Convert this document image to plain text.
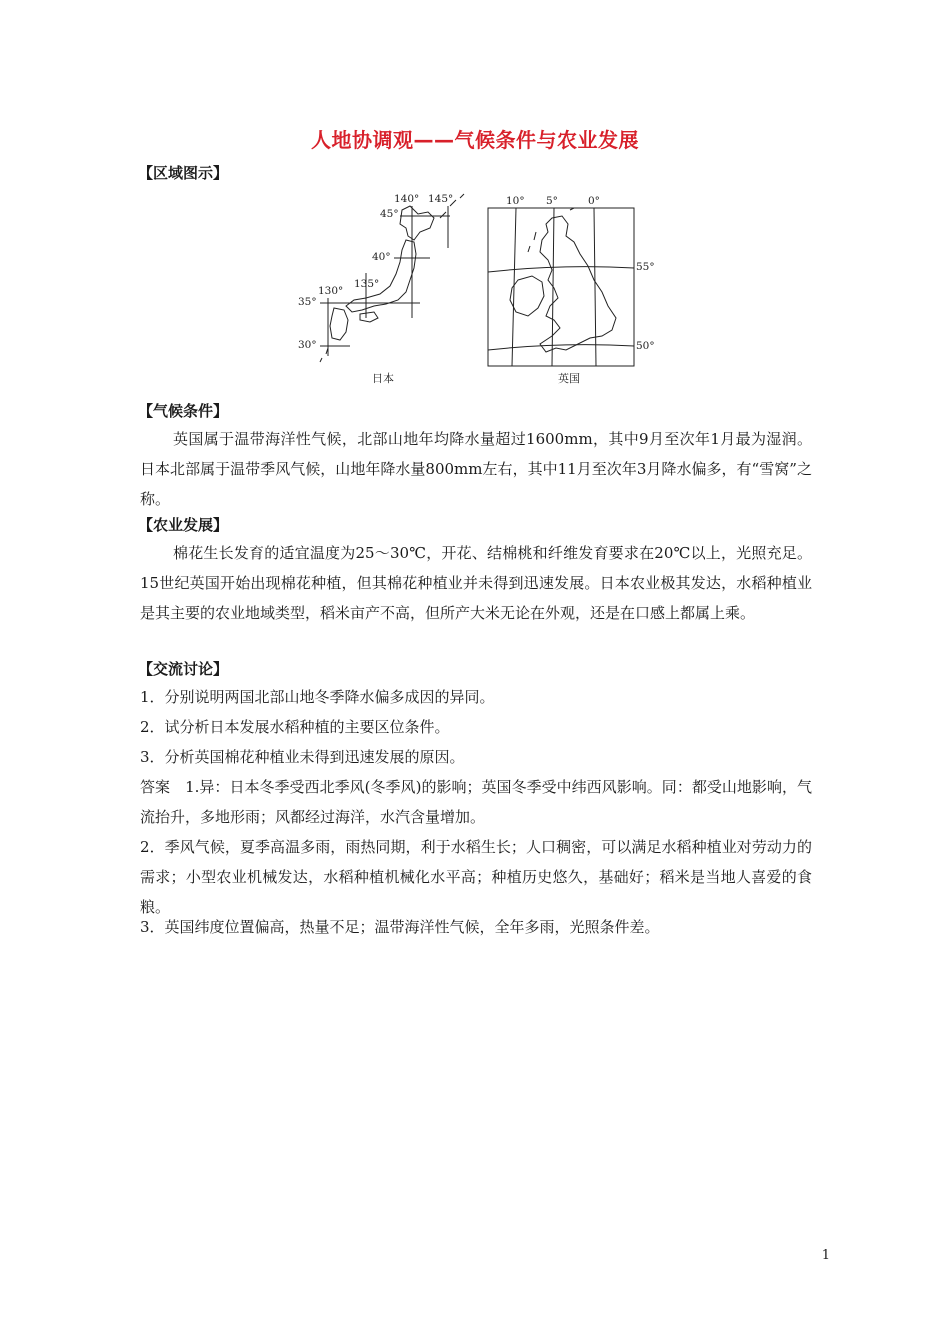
人地协调观——气候条件与农业发展
【区域图示】
140° 145°
45°
40°
135°
130°
35°
30°
日本
10° 5°	0°
55°
50°
英国
【气候条件】
英国属于温带海洋性气候，北部山地年均降水量超过1600mm，其中9月至次年1月最为湿润。日本北部属于温带季风气候，山地年降水量800mm左右，其中11月至次年3月降水偏多，有“雪窝”之称。
【农业发展】
棉花生长发育的适宜温度为25～30℃，开花、结棉桃和纤维发育要求在20℃以上，光照充足。15世纪英国开始出现棉花种植，但其棉花种植业并未得到迅速发展。日本农业极其发达，水稻种植业是其主要的农业地域类型，稻米亩产不高，但所产大米无论在外观，还是在口感上都属上乘。
【交流讨论】
1．分别说明两国北部山地冬季降水偏多成因的异同。
2．试分析日本发展水稻种植的主要区位条件。
3．分析英国棉花种植业未得到迅速发展的原因。
答案　1.异：日本冬季受西北季风(冬季风)的影响；英国冬季受中纬西风影响。同：都受山地影响，气流抬升，多地形雨；风都经过海洋，水汽含量增加。
2．季风气候，夏季高温多雨，雨热同期，利于水稻生长；人口稠密，可以满足水稻种植业对劳动力的需求；小型农业机械发达，水稻种植机械化水平高；种植历史悠久，基础好；稻米是当地人喜爱的食粮。
3．英国纬度位置偏高，热量不足；温带海洋性气候，全年多雨，光照条件差。
1
